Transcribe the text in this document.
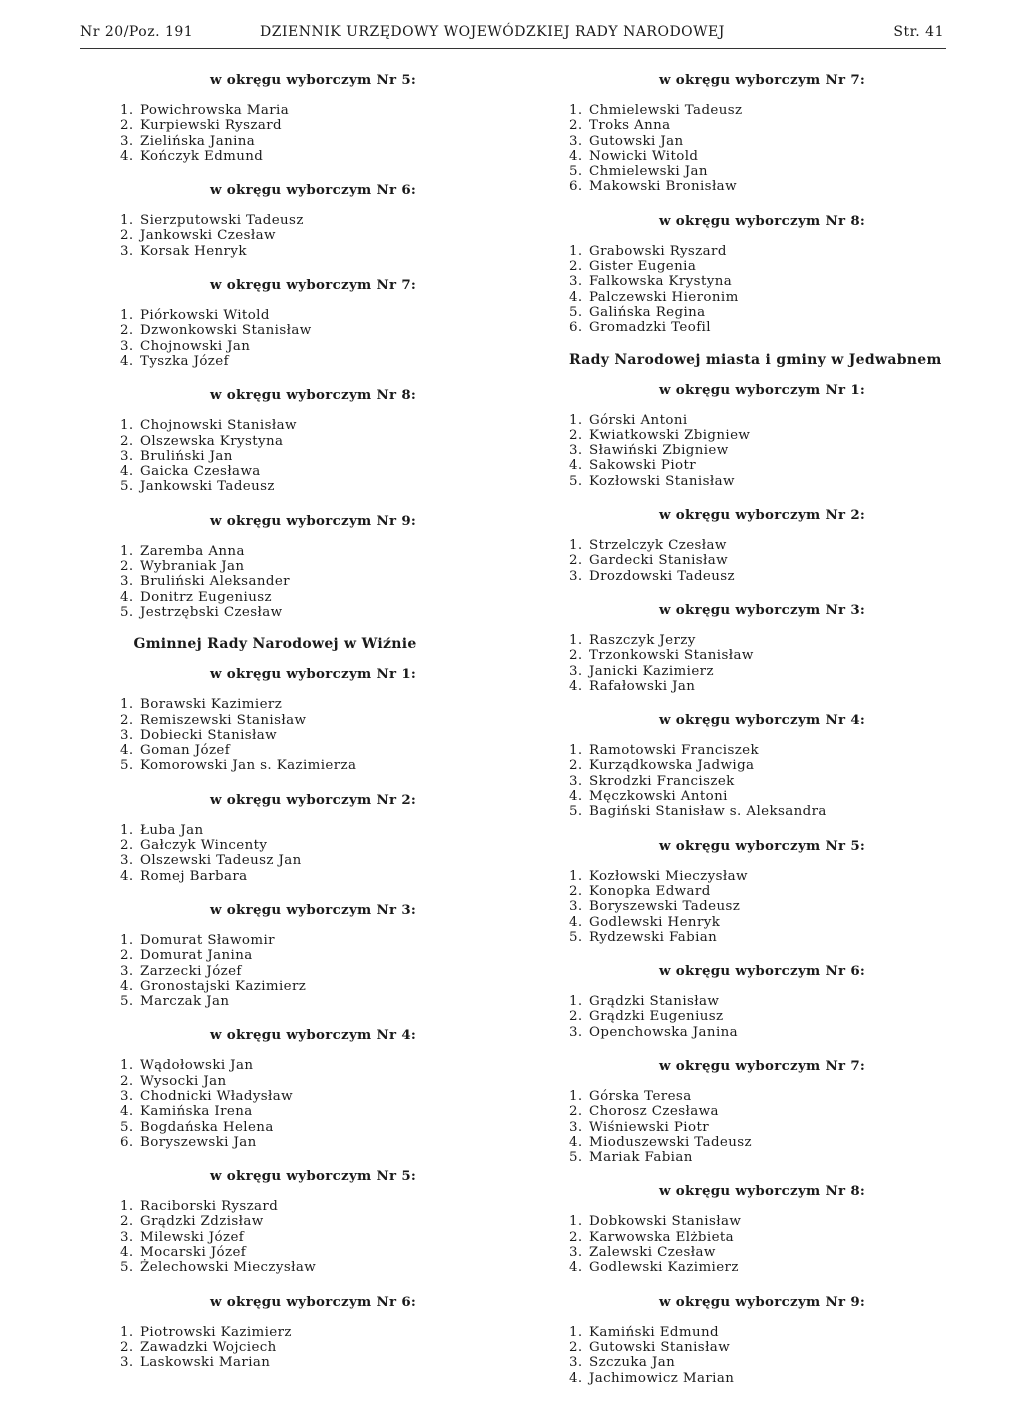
Nr 20/Poz. 191	DZIENNIK URZĘDOWY WOJEWÓDZKIEJ RADY NARODOWEJ	Str. 41
w okręgu wyborczym Nr 5:
1. Powichrowska Maria
2. Kurpiewski Ryszard
3. Zielińska Janina
4. Kończyk Edmund
w okręgu wyborczym Nr 6:
1. Sierzputowski Tadeusz
2. Jankowski Czesław
3. Korsak Henryk
w okręgu wyborczym Nr 7:
1. Piórkowski Witold
2. Dzwonkowski Stanisław
3. Chojnowski Jan
4. Tyszka Józef
w okręgu wyborczym Nr 8:
1. Chojnowski Stanisław
2. Olszewska Krystyna
3. Bruliński Jan
4. Gaicka Czesława
5. Jankowski Tadeusz
w okręgu wyborczym Nr 9:
1. Zaremba Anna
2. Wybraniak Jan
3. Bruliński Aleksander
4. Donitrz Eugeniusz
5. Jestrzębski Czesław
Gminnej Rady Narodowej w Wiźnie
w okręgu wyborczym Nr 1:
1. Borawski Kazimierz
2. Remiszewski Stanisław
3. Dobiecki Stanisław
4. Goman Józef
5. Komorowski Jan s. Kazimierza
w okręgu wyborczym Nr 2:
1. Łuba Jan
2. Gałczyk Wincenty
3. Olszewski Tadeusz Jan
4. Romej Barbara
w okręgu wyborczym Nr 3:
1. Domurat Sławomir
2. Domurat Janina
3. Zarzecki Józef
4. Gronostajski Kazimierz
5. Marczak Jan
w okręgu wyborczym Nr 4:
1. Wądołowski Jan
2. Wysocki Jan
3. Chodnicki Władysław
4. Kamińska Irena
5. Bogdańska Helena
6. Boryszewski Jan
w okręgu wyborczym Nr 5:
1. Raciborski Ryszard
2. Grądzki Zdzisław
3. Milewski Józef
4. Mocarski Józef
5. Żelechowski Mieczysław
w okręgu wyborczym Nr 6:
1. Piotrowski Kazimierz
2. Zawadzki Wojciech
3. Laskowski Marian
w okręgu wyborczym Nr 7:
1. Chmielewski Tadeusz
2. Troks Anna
3. Gutowski Jan
4. Nowicki Witold
5. Chmielewski Jan
6. Makowski Bronisław
w okręgu wyborczym Nr 8:
1. Grabowski Ryszard
2. Gister Eugenia
3. Falkowska Krystyna
4. Palczewski Hieronim
5. Galińska Regina
6. Gromadzki Teofil
Rady Narodowej miasta i gminy w Jedwabnem
w okręgu wyborczym Nr 1:
1. Górski Antoni
2. Kwiatkowski Zbigniew
3. Sławiński Zbigniew
4. Sakowski Piotr
5. Kozłowski Stanisław
w okręgu wyborczym Nr 2:
1. Strzelczyk Czesław
2. Gardecki Stanisław
3. Drozdowski Tadeusz
w okręgu wyborczym Nr 3:
1. Raszczyk Jerzy
2. Trzonkowski Stanisław
3. Janicki Kazimierz
4. Rafałowski Jan
w okręgu wyborczym Nr 4:
1. Ramotowski Franciszek
2. Kurządkowska Jadwiga
3. Skrodzki Franciszek
4. Męczkowski Antoni
5. Bagiński Stanisław s. Aleksandra
w okręgu wyborczym Nr 5:
1. Kozłowski Mieczysław
2. Konopka Edward
3. Boryszewski Tadeusz
4. Godlewski Henryk
5. Rydzewski Fabian
w okręgu wyborczym Nr 6:
1. Grądzki Stanisław
2. Grądzki Eugeniusz
3. Openchowska Janina
w okręgu wyborczym Nr 7:
1. Górska Teresa
2. Chorosz Czesława
3. Wiśniewski Piotr
4. Mioduszewski Tadeusz
5. Mariak Fabian
w okręgu wyborczym Nr 8:
1. Dobkowski Stanisław
2. Karwowska Elżbieta
3. Zalewski Czesław
4. Godlewski Kazimierz
w okręgu wyborczym Nr 9:
1. Kamiński Edmund
2. Gutowski Stanisław
3. Szczuka Jan
4. Jachimowicz Marian
